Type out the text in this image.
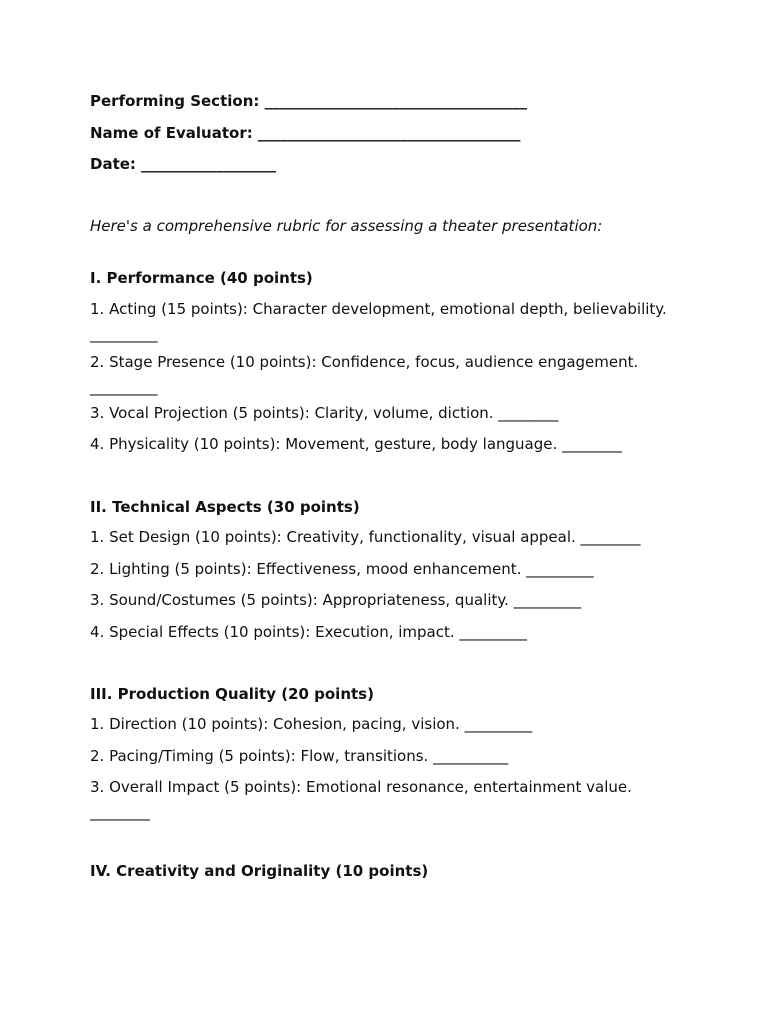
Performing Section: ___________________________________
Name of Evaluator: ___________________________________
Date: __________________
Here's a comprehensive rubric for assessing a theater presentation:
I. Performance (40 points)
1. Acting (15 points): Character development, emotional depth, believability.
_________
2. Stage Presence (10 points): Confidence, focus, audience engagement.
_________
3. Vocal Projection (5 points): Clarity, volume, diction. ________
4. Physicality (10 points): Movement, gesture, body language. ________
II. Technical Aspects (30 points)
1. Set Design (10 points): Creativity, functionality, visual appeal. ________
2. Lighting (5 points): Effectiveness, mood enhancement. _________
3. Sound/Costumes (5 points): Appropriateness, quality. _________
4. Special Effects (10 points): Execution, impact. _________
III. Production Quality (20 points)
1. Direction (10 points): Cohesion, pacing, vision. _________
2. Pacing/Timing (5 points): Flow, transitions. __________
3. Overall Impact (5 points): Emotional resonance, entertainment value.
________
IV. Creativity and Originality (10 points)
